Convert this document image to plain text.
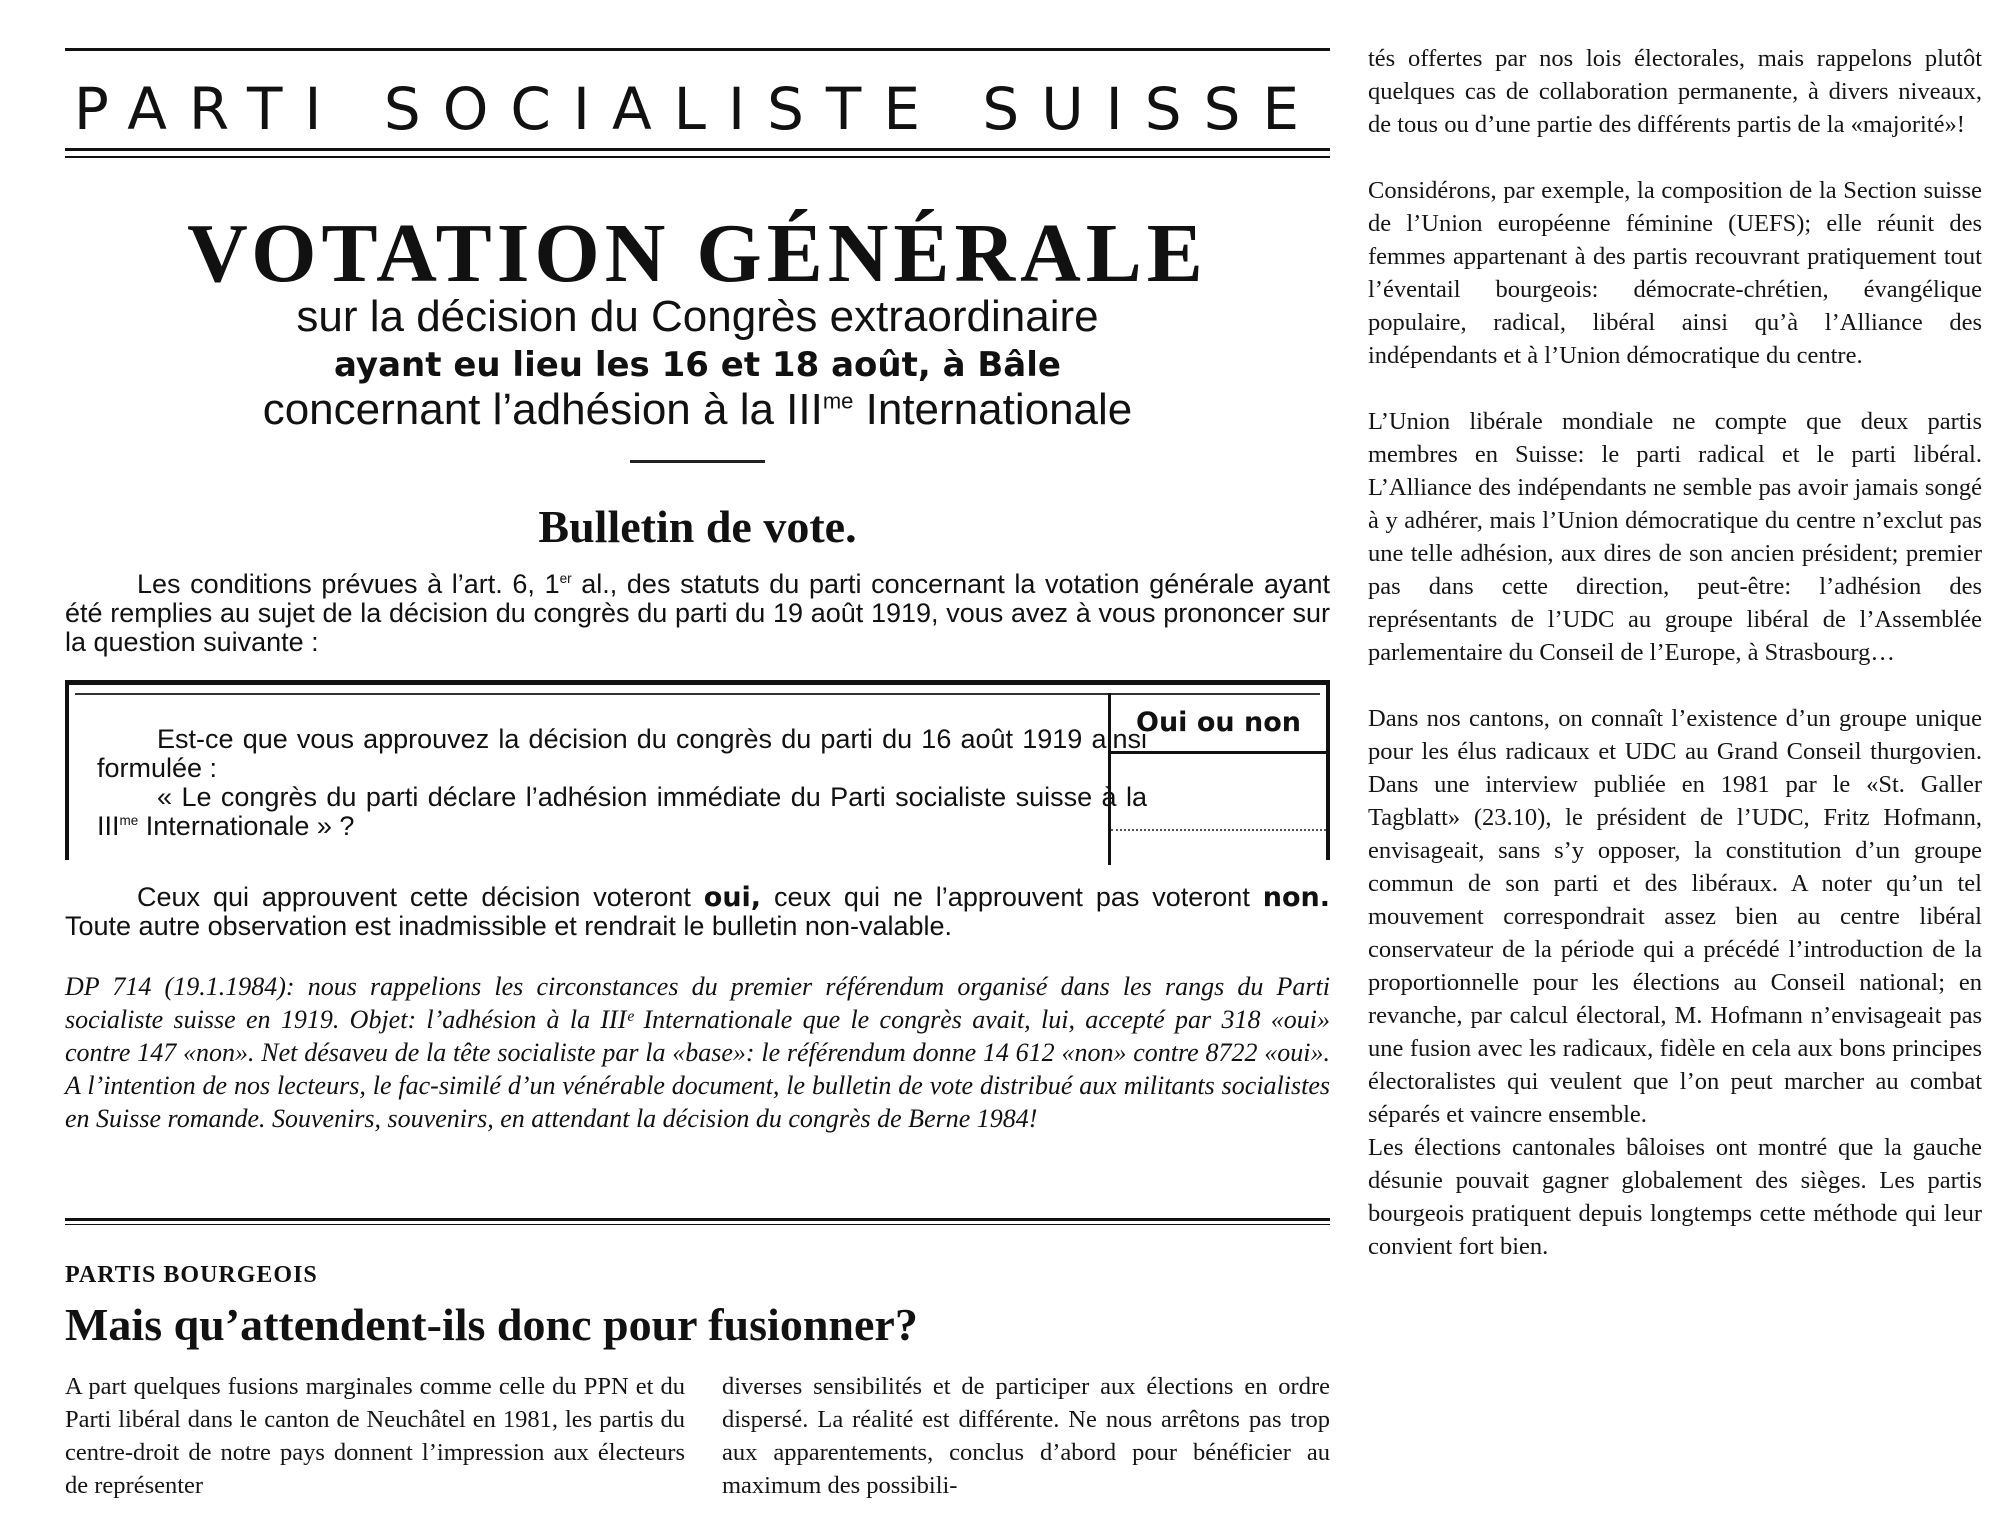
PARTI SOCIALISTE SUISSE
VOTATION GÉNÉRALE

sur la décision du Congrès extraordinaire

ayant eu lieu les 16 et 18 août, à Bâle

concernant l’adhésion à la $III^{me}$ Internationale

Bulletin de vote.

Les conditions prévues à l’art. 6, 1er al., des statuts du parti concernant la votation générale ayant été remplies au sujet de la décision du congrès du parti du 19 août 1919, vous avez à vous prononcer sur la question suivante :

Est-ce que vous approuvez la décision du congrès du parti du 16 août 1919 ainsi formulée :

« Le congrès du parti déclare l’adhésion immédiate du Parti socialiste suisse à la $III^{me}$ Internationale » ?

Oui ou non

Ceux qui approuvent cette décision voteront oui, ceux qui ne l’approuvent pas voteront non. Toute autre observation est inadmissible et rendrait le bulletin non-valable.

DP 714 (19.1.1984): nous rappelions les circonstances du premier référendum organisé dans les rangs du Parti socialiste suisse en 1919. Objet: l’adhésion à la IIIᵉ Internationale que le congrès avait, lui, accepté par 318 «oui» contre 147 «non». Net désaveu de la tête socialiste par la «base»: le référendum donne 14 612 «non» contre 8722 «oui». A l’intention de nos lecteurs, le fac-similé d’un vénérable document, le bulletin de vote distribué aux militants socialistes en Suisse romande. Souvenirs, souvenirs, en attendant la décision du congrès de Berne 1984!

PARTIS BOURGEOIS

Mais qu’attendent-ils donc pour fusionner?

A part quelques fusions marginales comme celle du PPN et du Parti libéral dans le canton de Neuchâtel en 1981, les partis du centre-droit de notre pays donnent l’impression aux électeurs de représenter

diverses sensibilités et de participer aux élections en ordre dispersé. La réalité est différente. Ne nous arrêtons pas trop aux apparentements, conclus d’abord pour bénéficier au maximum des possibili-

tés offertes par nos lois électorales, mais rappelons plutôt quelques cas de collaboration permanente, à divers niveaux, de tous ou d’une partie des différents partis de la «majorité»!

Considérons, par exemple, la composition de la Section suisse de l’Union européenne féminine (UEFS); elle réunit des femmes appartenant à des partis recouvrant pratiquement tout l’éventail bourgeois: démocrate-chrétien, évangélique populaire, radical, libéral ainsi qu’à l’Alliance des indépendants et à l’Union démocratique du centre.

L’Union libérale mondiale ne compte que deux partis membres en Suisse: le parti radical et le parti libéral. L’Alliance des indépendants ne semble pas avoir jamais songé à y adhérer, mais l’Union démocratique du centre n’exclut pas une telle adhésion, aux dires de son ancien président; premier pas dans cette direction, peut-être: l’adhésion des représentants de l’UDC au groupe libéral de l’Assemblée parlementaire du Conseil de l’Europe, à Strasbourg…

Dans nos cantons, on connaît l’existence d’un groupe unique pour les élus radicaux et UDC au Grand Conseil thurgovien. Dans une interview publiée en 1981 par le «St. Galler Tagblatt» (23.10), le président de l’UDC, Fritz Hofmann, envisageait, sans s’y opposer, la constitution d’un groupe commun de son parti et des libéraux. A noter qu’un tel mouvement correspondrait assez bien au centre libéral conservateur de la période qui a précédé l’introduction de la proportionnelle pour les élections au Conseil national; en revanche, par calcul électoral, M. Hofmann n’envisageait pas une fusion avec les radicaux, fidèle en cela aux bons principes électoralistes qui veulent que l’on peut marcher au combat séparés et vaincre ensemble.

Les élections cantonales bâloises ont montré que la gauche désunie pouvait gagner globalement des sièges. Les partis bourgeois pratiquent depuis longtemps cette méthode qui leur convient fort bien.
